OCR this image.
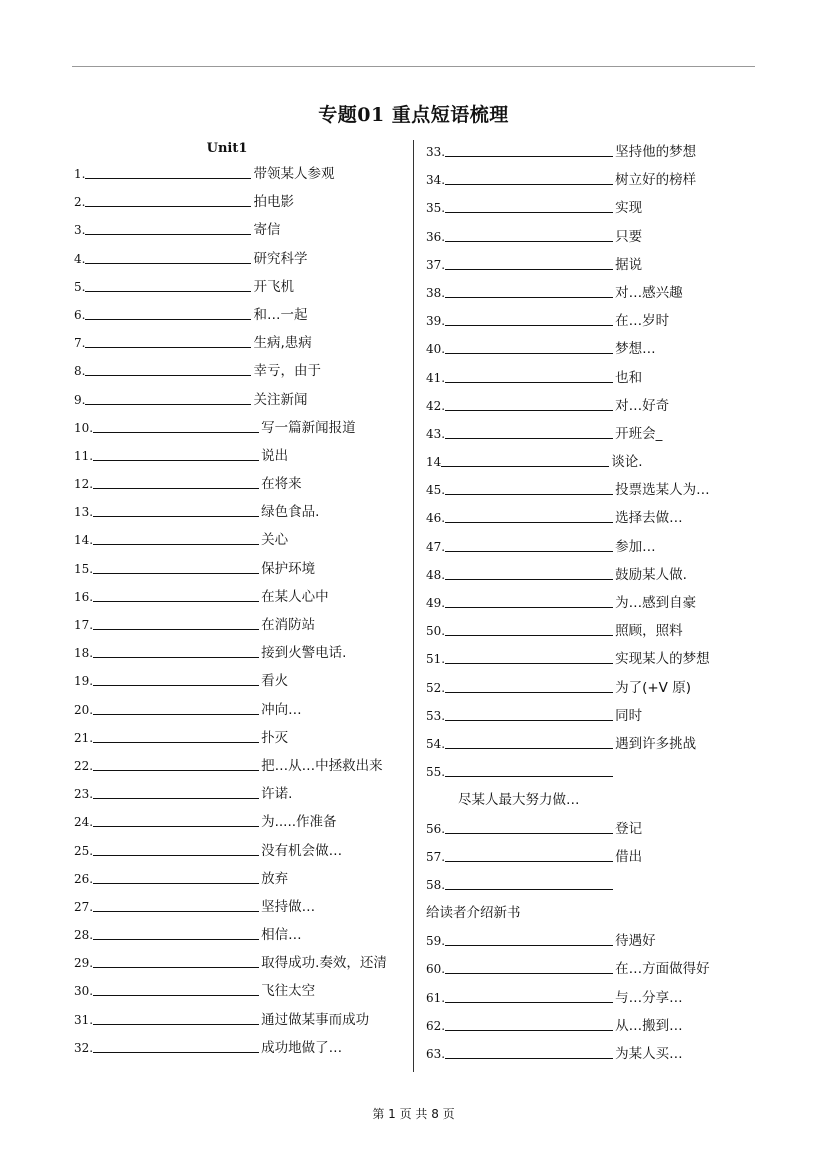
专题01 重点短语梳理
Unit1
1.	带领某人参观
2.	拍电影
3.	寄信
4.	研究科学
5.	开飞机
6.	和…一起
7.	生病,患病
8.	幸亏，由于
9.	关注新闻
10.	写一篇新闻报道
11.	说出
12.	在将来
13.	绿色食品.
14.	关心
15.	保护环境
16.	在某人心中
17.	在消防站
18.	接到火警电话.
19.	看火
20.	冲向…
21.	扑灭
22.	把…从…中拯救出来
23.	许诺.
24.	为.....作准备
25.	没有机会做…
26.	放弃
27.	坚持做…
28.	相信…
29.	取得成功.奏效，还清
30.	飞往太空
31.	通过做某事而成功
32.	成功地做了…
33.	坚持他的梦想
34.	树立好的榜样
35.	实现
36.	只要
37.	据说
38.	对…感兴趣
39.	在…岁时
40.	梦想…
41.	也和
42.	对…好奇
43.	开班会_
14	谈论.
45.	投票选某人为…
46.	选择去做…
47.	参加…
48.	鼓励某人做.
49.	为…感到自豪
50.	照顾，照料
51.	实现某人的梦想
52.	为了(+V 原)
53.	同时
54.	遇到许多挑战
55.
尽某人最大努力做…
56.	登记
57.	借出
58.
给读者介绍新书
59.	待遇好
60.	在…方面做得好
61.	与…分享…
62.	从…搬到…
63.	为某人买…
第 1 页 共 8 页
